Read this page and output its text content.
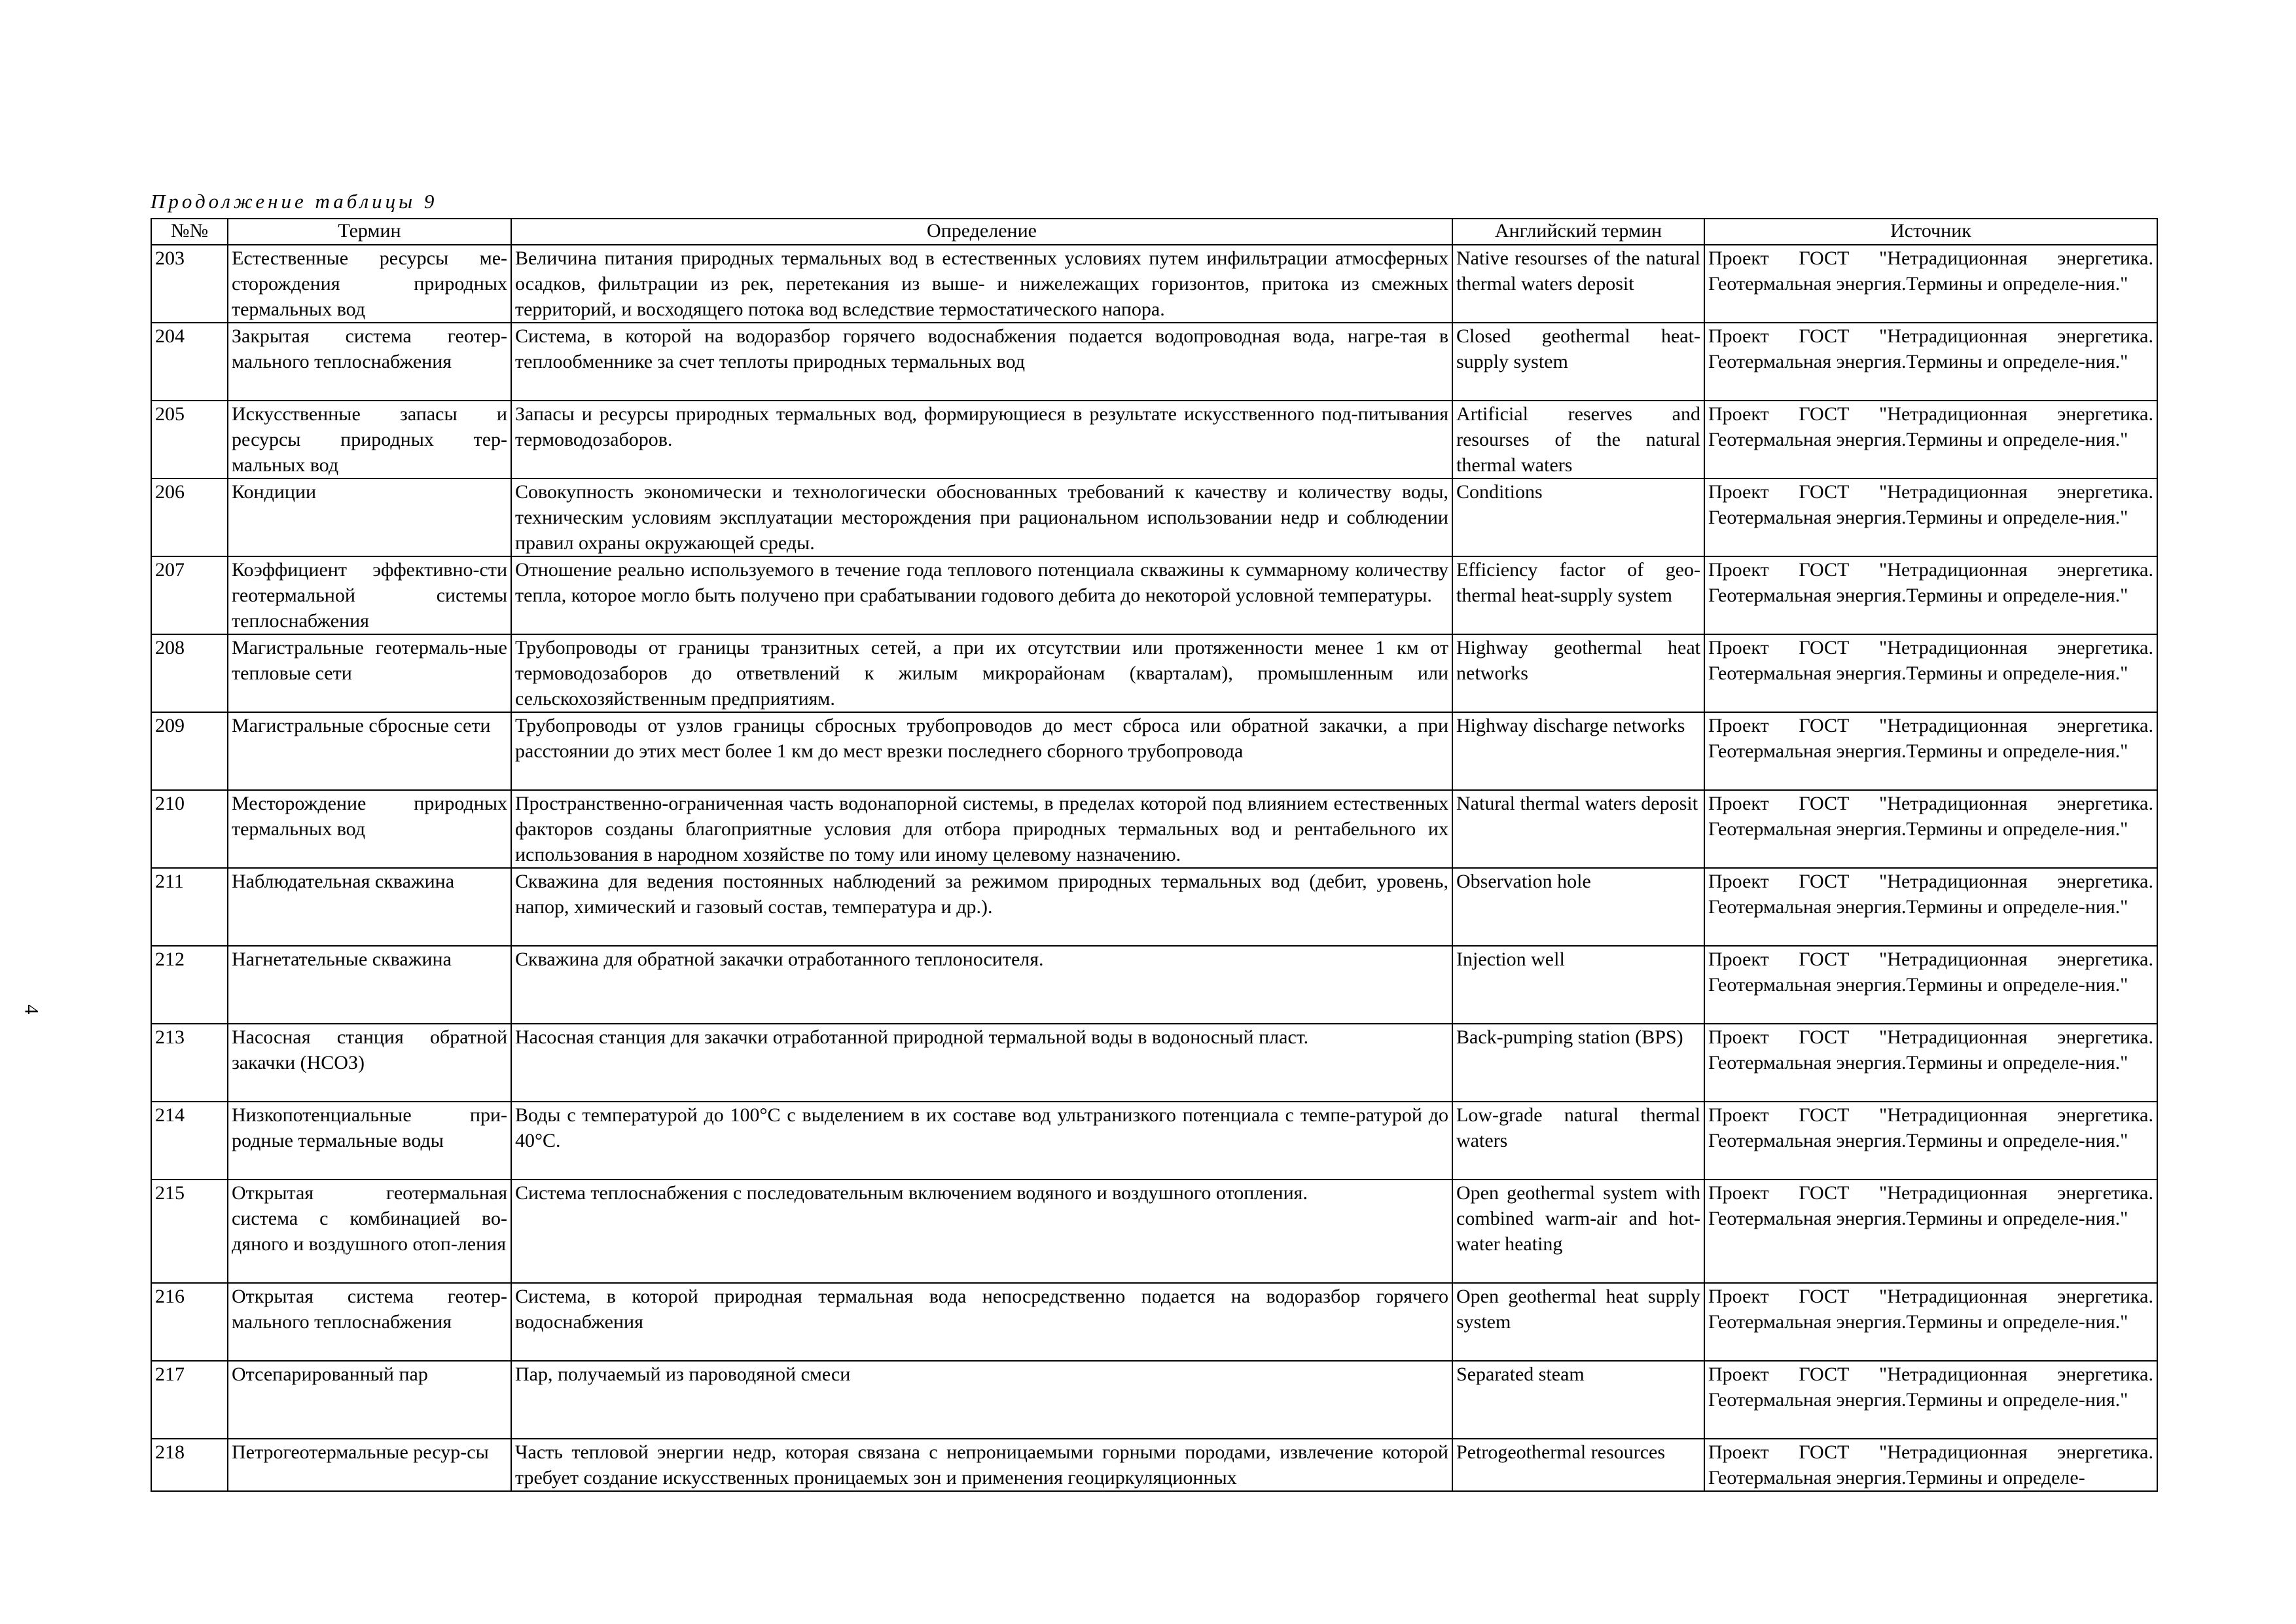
4
Продолжение таблицы 9
№№	Термин	Определение	Английский термин	Источник
203	Естественные ресурсы ме-сторождения природных термальных вод	Величина питания природных термальных вод в естественных условиях путем инфильтрации атмосферных осадков, фильтрации из рек, перетекания из выше- и нижележащих горизонтов, притока из смежных территорий, и восходящего потока вод вследствие термостатического напора.	Native resourses of the natural thermal waters deposit	Проект ГОСТ "Нетрадиционная энергетика. Геотермальная энергия.Термины и определе-ния."
204	Закрытая система геотер-мального теплоснабжения	Система, в которой на водоразбор горячего водоснабжения подается водопроводная вода, нагре-тая в теплообменнике за счет теплоты природных термальных вод	Closed geothermal heat-supply system	Проект ГОСТ "Нетрадиционная энергетика. Геотермальная энергия.Термины и определе-ния."
205	Искусственные запасы и ресурсы природных тер-мальных вод	Запасы и ресурсы природных термальных вод, формирующиеся в результате искусственного под-питывания термоводозаборов.	Artificial reserves and resourses of the natural thermal waters	Проект ГОСТ "Нетрадиционная энергетика. Геотермальная энергия.Термины и определе-ния."
206	Кондиции	Совокупность экономически и технологически обоснованных требований к качеству и количеству воды, техническим условиям эксплуатации месторождения при рациональном использовании недр и соблюдении правил охраны окружающей среды.	Conditions	Проект ГОСТ "Нетрадиционная энергетика. Геотермальная энергия.Термины и определе-ния."
207	Коэффициент эффективно-сти геотермальной системы теплоснабжения	Отношение реально используемого в течение года теплового потенциала скважины к суммарному количеству тепла, которое могло быть получено при срабатывании годового дебита до некоторой условной температуры.	Efficiency factor of geo-thermal heat-supply system	Проект ГОСТ "Нетрадиционная энергетика. Геотермальная энергия.Термины и определе-ния."
208	Магистральные геотермаль-ные тепловые сети	Трубопроводы от границы транзитных сетей, а при их отсутствии или протяженности менее 1 км от термоводозаборов до ответвлений к жилым микрорайонам (кварталам), промышленным или сельскохозяйственным предприятиям.	Highway geothermal heat networks	Проект ГОСТ "Нетрадиционная энергетика. Геотермальная энергия.Термины и определе-ния."
209	Магистральные сбросные сети	Трубопроводы от узлов границы сбросных трубопроводов до мест сброса или обратной закачки, а при расстоянии до этих мест более 1 км до мест врезки последнего сборного трубопровода	Highway discharge networks	Проект ГОСТ "Нетрадиционная энергетика. Геотермальная энергия.Термины и определе-ния."
210	Месторождение природных термальных вод	Пространственно-ограниченная часть водонапорной системы, в пределах которой под влиянием естественных факторов созданы благоприятные условия для отбора природных термальных вод и рентабельного их использования в народном хозяйстве по тому или иному целевому назначению.	Natural thermal waters deposit	Проект ГОСТ "Нетрадиционная энергетика. Геотермальная энергия.Термины и определе-ния."
211	Наблюдательная скважина	Скважина для ведения постоянных наблюдений за режимом природных термальных вод (дебит, уровень, напор, химический и газовый состав, температура и др.).	Observation hole	Проект ГОСТ "Нетрадиционная энергетика. Геотермальная энергия.Термины и определе-ния."
212	Нагнетательные скважина	Скважина для обратной закачки отработанного теплоносителя.	Injection well	Проект ГОСТ "Нетрадиционная энергетика. Геотермальная энергия.Термины и определе-ния."
213	Насосная станция обратной закачки (НСОЗ)	Насосная станция для закачки отработанной природной термальной воды в водоносный пласт.	Back-pumping station (BPS)	Проект ГОСТ "Нетрадиционная энергетика. Геотермальная энергия.Термины и определе-ния."
214	Низкопотенциальные при-родные термальные воды	Воды с температурой до 100°С с выделением в их составе вод ультранизкого потенциала с темпе-ратурой до 40°С.	Low-grade natural thermal waters	Проект ГОСТ "Нетрадиционная энергетика. Геотермальная энергия.Термины и определе-ния."
215	Открытая геотермальная система с комбинацией во-дяного и воздушного отоп-ления	Система теплоснабжения с последовательным включением водяного и воздушного отопления.	Open geothermal system with combined warm-air and hot-water heating	Проект ГОСТ "Нетрадиционная энергетика. Геотермальная энергия.Термины и определе-ния."
216	Открытая система геотер-мального теплоснабжения	Система, в которой природная термальная вода непосредственно подается на водоразбор горячего водоснабжения	Open geothermal heat supply system	Проект ГОСТ "Нетрадиционная энергетика. Геотермальная энергия.Термины и определе-ния."
217	Отсепарированный пар	Пар, получаемый из пароводяной смеси	Separated steam	Проект ГОСТ "Нетрадиционная энергетика. Геотермальная энергия.Термины и определе-ния."
218	Петрогеотермальные ресур-сы	Часть тепловой энергии недр, которая связана с непроницаемыми горными породами, извлечение которой требует создание искусственных проницаемых зон и применения геоциркуляционных	Petrogeothermal resources	Проект ГОСТ "Нетрадиционная энергетика. Геотермальная энергия.Термины и определе-
